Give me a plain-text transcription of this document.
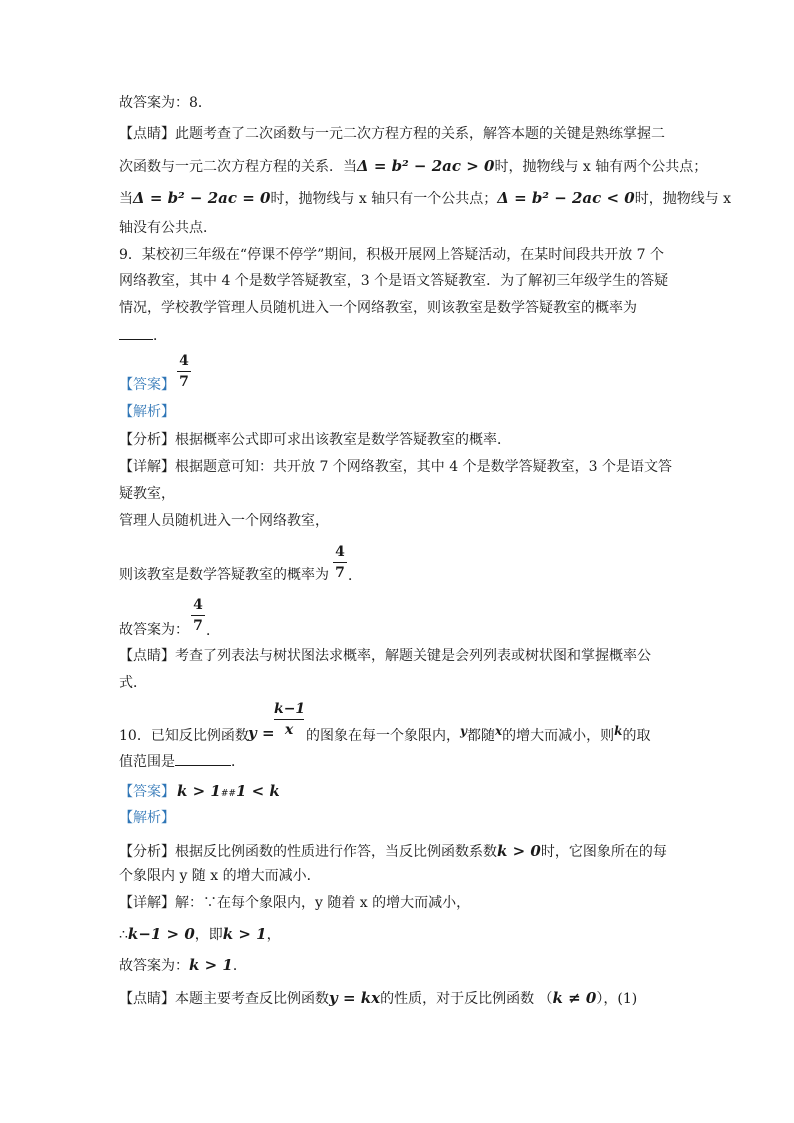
故答案为：8．
【点睛】此题考查了二次函数与一元二次方程方程的关系，解答本题的关键是熟练掌握二
次函数与一元二次方程方程的关系．当Δ = b² − 2ac > 0时，抛物线与 x 轴有两个公共点；
当Δ = b² − 2ac = 0时，抛物线与 x 轴只有一个公共点；Δ = b² − 2ac < 0时，抛物线与 x
轴没有公共点．
9．某校初三年级在“停课不停学”期间，积极开展网上答疑活动，在某时间段共开放 7 个
网络教室，其中 4 个是数学答疑教室，3 个是语文答疑教室．为了解初三年级学生的答疑
情况，学校教学管理人员随机进入一个网络教室，则该教室是数学答疑教室的概率为
．
【答案】
4
7
【解析】
【分析】根据概率公式即可求出该教室是数学答疑教室的概率．
【详解】根据题意可知：共开放 7 个网络教室，其中 4 个是数学答疑教室，3 个是语文答
疑教室，
管理人员随机进入一个网络教室，
则该教室是数学答疑教室的概率为
4
7 ．
故答案为：
4
7 ．
【点睛】考查了列表法与树状图法求概率，解题关键是会列列表或树状图和掌握概率公
式．
10．已知反比例函数 y =
k−1
x 的图象在每一个象限内，y都随x的增大而减小，则k的取
值范围是	．
【答案】 k > 1##1 < k
【解析】
【分析】根据反比例函数的性质进行作答，当反比例函数系数k > 0时，它图象所在的每
个象限内 y 随 x 的增大而减小．
【详解】解：∵在每个象限内，y 随着 x 的增大而减小，
∴k−1 > 0，即k > 1，
故答案为：k > 1．
【点睛】本题主要考查反比例函数y = kx的性质，对于反比例函数 （k ≠ 0），(1)
